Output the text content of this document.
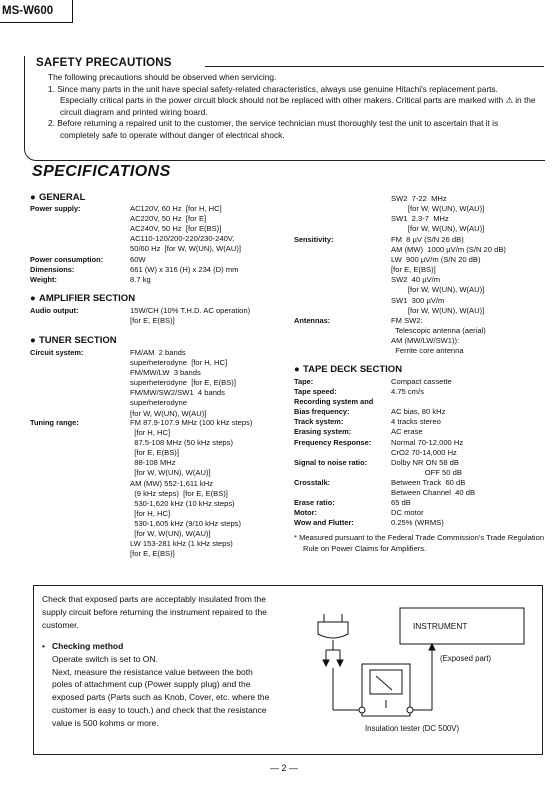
MS-W600
SAFETY PRECAUTIONS
The following precautions should be observed when servicing.
1. Since many parts in the unit have special safety-related characteristics, always use genuine Hitachi's replacement parts. Especially critical parts in the power circuit block should not be replaced with other makers. Critical parts are marked with ⚠ in the circuit diagram and printed wiring board.
2. Before returning a repaired unit to the customer, the service technician must thoroughly test the unit to ascertain that it is completely safe to operate without danger of electrical shock.
SPECIFICATIONS
● GENERAL
Power supply:	AC120V, 60 Hz  [for H, HC]
AC220V, 50 Hz  [for E]
AC240V, 50 Hz  [for E(BS)]
AC110-120/200-220/230-240V,
50/60 Hz  [for W, W(UN), W(AU)]
Power consumption:	60W
Dimensions:	661 (W) x 316 (H) x 234 (D) mm
Weight:	8.7 kg
● AMPLIFIER SECTION
Audio output:	15W/CH (10% T.H.D. AC operation)
[for E, E(BS)]
● TUNER SECTION
Circuit system:	FM/AM  2 bands
superheterodyne  [for H, HC]
FM/MW/LW  3 bands
superheterodyne  [for E, E(BS)]
FM/MW/SW2/SW1  4 bands
superheterodyne
[for W, W(UN), W(AU)]
Tuning range:	FM 87.9-107.9 MHz (100 kHz steps)
[for H, HC]
87.5-108 MHz (50 kHz steps)
[for E, E(BS)]
88-108 MHz
[for W, W(UN), W(AU)]
AM (MW) 552-1,611 kHz
(9 kHz steps)  [for E, E(BS)]
530-1,620 kHz (10 kHz steps)
[for H, HC]
530-1,605 kHz (9/10 kHz steps)
[for W, W(UN), W(AU)]
LW 153-281 kHz (1 kHz steps)
[for E, E(BS)]
SW2  7-22  MHz
[for W, W(UN), W(AU)]
SW1  2.3-7  MHz
[for W, W(UN), W(AU)]
Sensitivity:	FM  8 µV (S/N 26 dB)
AM (MW)  1000 µV/m (S/N 20 dB)
LW  900 µV/m (S/N 20 dB)
[for E, E(BS)]
SW2  40 µV/m
[for W, W(UN), W(AU)]
SW1  300 µV/m
[for W, W(UN), W(AU)]
Antennas:	FM SW2:
Telescopic antenna (aerial)
AM (MW/LW/SW1)):
Ferrite core antenna
● TAPE DECK SECTION
Tape:	Compact cassette
Tape speed:	4.75 cm/s
Recording system and
Bias frequency:	AC bias, 80 kHz
Track system:	4 tracks stereo
Erasing system:	AC erase
Frequency Response:	Normal 70-12,000 Hz
CrO2 70-14,000 Hz
Signal to noise ratio:	Dolby NR ON 58 dB
OFF 50 dB
Crosstalk:	Between Track  60 dB
Between Channel  40 dB
Erase ratio:	65 dB
Motor:	DC motor
Wow and Flutter:	0.25% (WRMS)
* Measured pursuant to the Federal Trade Commission's Trade Regulation Rule on Power Claims for Amplifiers.
Check that exposed parts are acceptably insulated from the supply circuit before returning the instrument repaired to the customer.
• Checking method
Operate switch is set to ON.
Next, measure the resistance value between the both poles of attachment cup (Power supply plug) and the exposed parts (Parts such as Knob, Cover, etc. where the customer is easy to touch.) and check that the resistance value is 500 kohms or more.
INSTRUMENT
(Exposed part)
Insulation tester (DC 500V)
— 2 —
